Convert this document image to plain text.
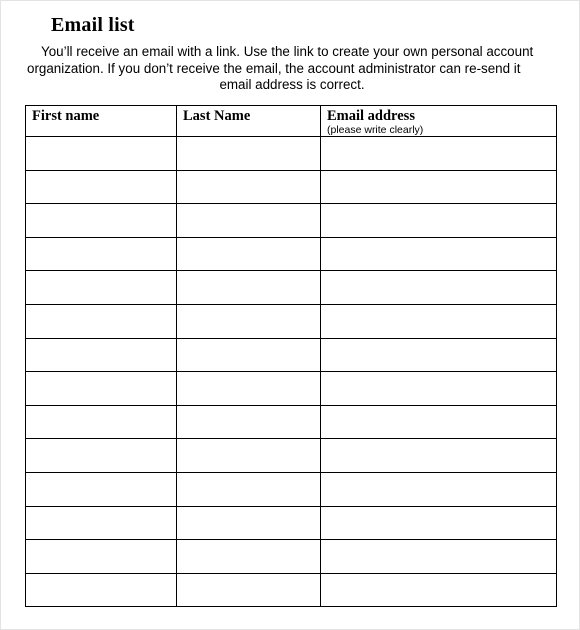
Email list
You’ll receive an email with a link. Use the link to create your own personal account
organization. If you don’t receive the email, the account administrator can re-send it
email address is correct.
First name	Last Name	Email address
(please write clearly)
